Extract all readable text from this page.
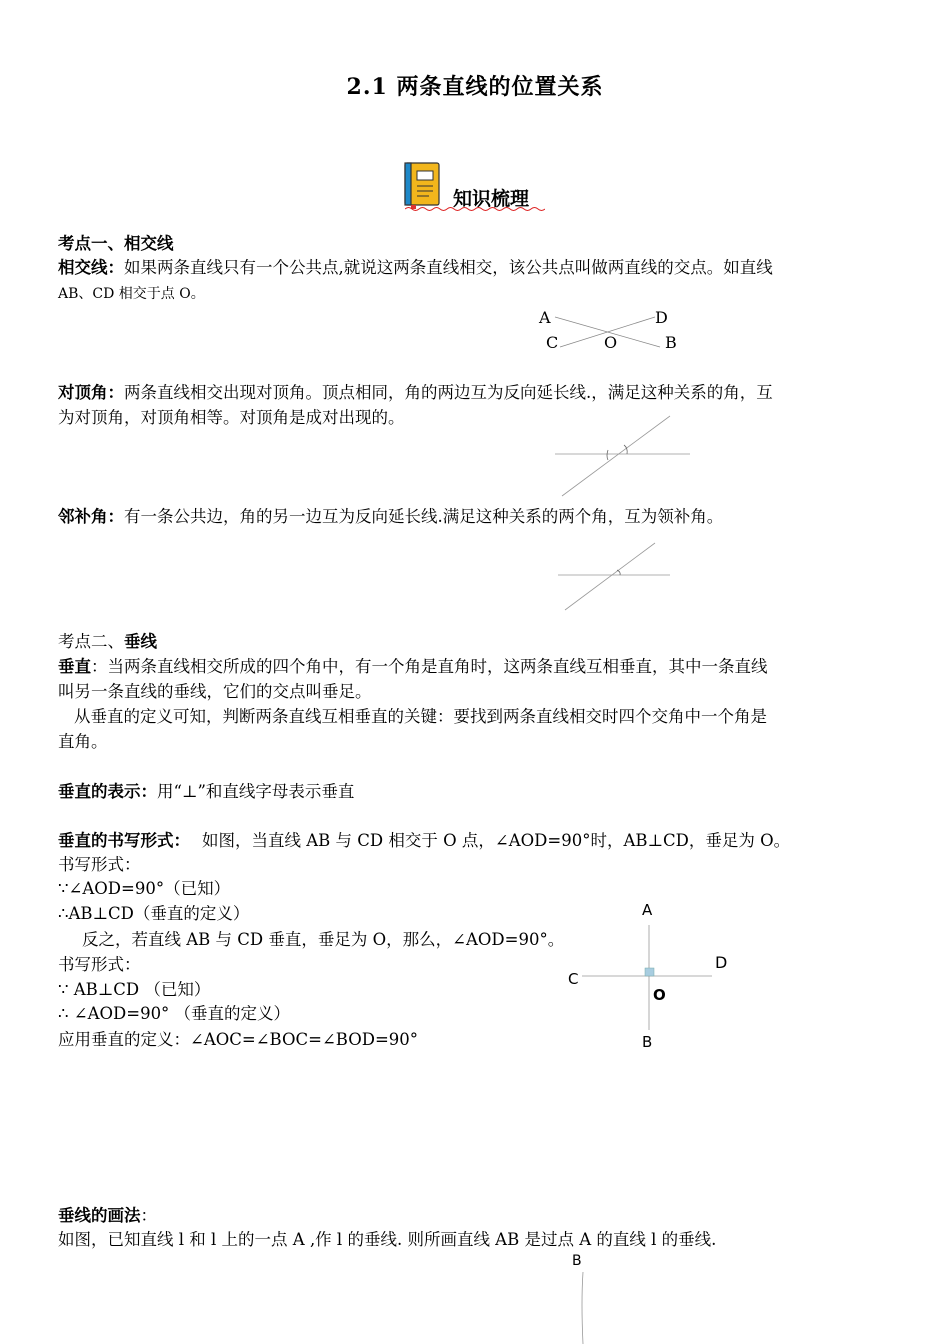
2.1 两条直线的位置关系
知识梳理
考点一、相交线
相交线：如果两条直线只有一个公共点,就说这两条直线相交，该公共点叫做两直线的交点。如直线
AB、CD 相交于点 O。
A	D
C	O	B
对顶角：两条直线相交出现对顶角。顶点相同，角的两边互为反向延长线.，满足这种关系的角，互
为对顶角，对顶角相等。对顶角是成对出现的。
邻补角：有一条公共边，角的另一边互为反向延长线.满足这种关系的两个角，互为领补角。
考点二、垂线
垂直：当两条直线相交所成的四个角中，有一个角是直角时，这两条直线互相垂直，其中一条直线
叫另一条直线的垂线，它们的交点叫垂足。
从垂直的定义可知，判断两条直线互相垂直的关键：要找到两条直线相交时四个交角中一个角是
直角。
垂直的表示：用“⊥”和直线字母表示垂直
垂直的书写形式： 如图，当直线 AB 与 CD 相交于 O 点，∠AOD=90°时，AB⊥CD，垂足为 O。
书写形式：
∵∠AOD=90°（已知）
∴AB⊥CD（垂直的定义）
反之，若直线 AB 与 CD 垂直，垂足为 O，那么，∠AOD=90°。
书写形式：
∵ AB⊥CD （已知）
∴ ∠AOD=90° （垂直的定义）
应用垂直的定义：∠AOC=∠BOC=∠BOD=90°
A
D
C
O
B
垂线的画法：
如图，已知直线 l 和 l 上的一点 A ,作 l 的垂线. 则所画直线 AB 是过点 A 的直线 l 的垂线.
B
